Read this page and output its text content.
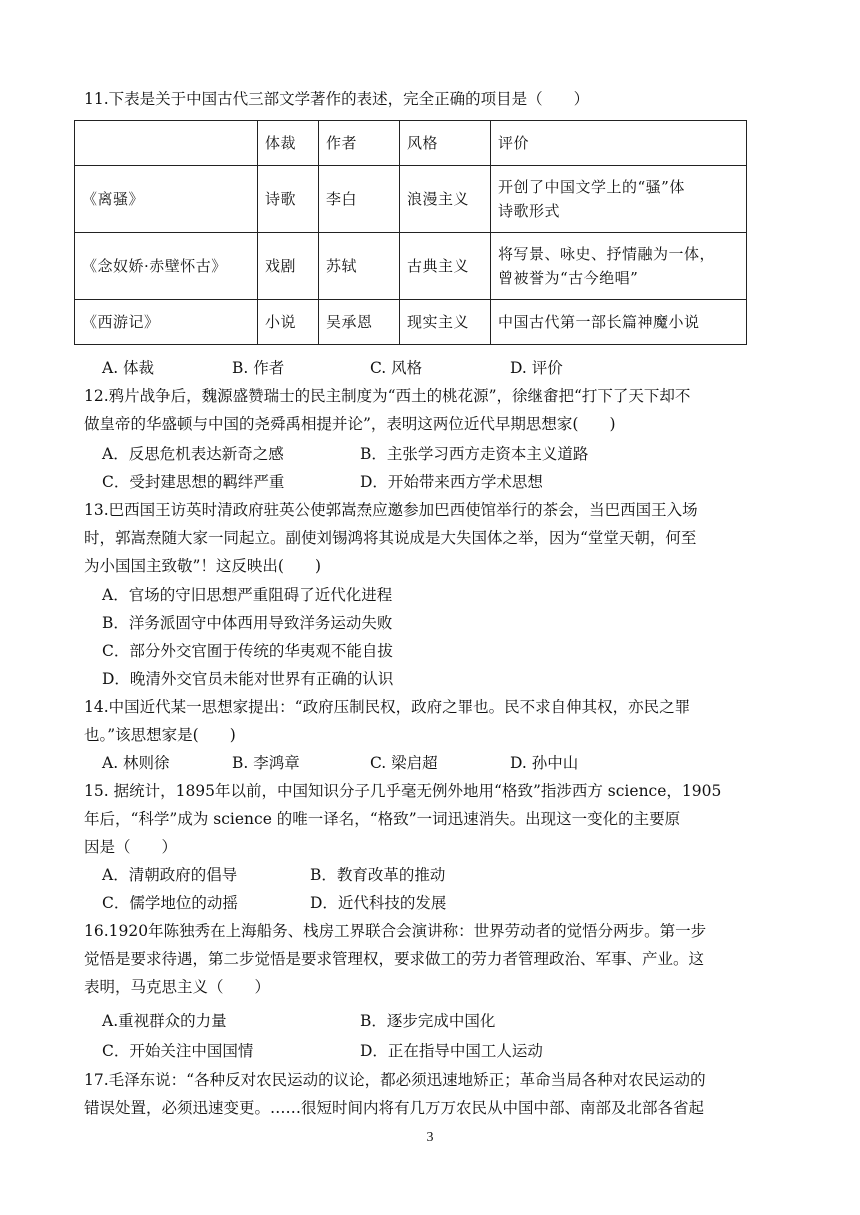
11.下表是关于中国古代三部文学著作的表述，完全正确的项目是（　　）
	体裁	作者	风格	评价
《离骚》	诗歌	李白	浪漫主义	开创了中国文学上的“骚”体
诗歌形式

《念奴娇·赤壁怀古》	戏剧	苏轼	古典主义	将写景、咏史、抒情融为一体，
曾被誉为“古今绝唱”

《西游记》	小说	吴承恩	现实主义	中国古代第一部长篇神魔小说
A. 体裁	B. 作者	C. 风格	D. 评价
12.鸦片战争后，魏源盛赞瑞士的民主制度为“西土的桃花源”，徐继畬把“打下了天下却不
做皇帝的华盛顿与中国的尧舜禹相提并论”，表明这两位近代早期思想家(　　)
A．反思危机表达新奇之感	B．主张学习西方走资本主义道路
C．受封建思想的羁绊严重	D．开始带来西方学术思想
13.巴西国王访英时清政府驻英公使郭嵩焘应邀参加巴西使馆举行的茶会，当巴西国王入场
时，郭嵩焘随大家一同起立。副使刘锡鸿将其说成是大失国体之举，因为“堂堂天朝，何至
为小国国主致敬”！这反映出(　　)
A．官场的守旧思想严重阻碍了近代化进程
B．洋务派固守中体西用导致洋务运动失败
C．部分外交官囿于传统的华夷观不能自拔
D．晚清外交官员未能对世界有正确的认识
14.中国近代某一思想家提出：“政府压制民权，政府之罪也。民不求自伸其权，亦民之罪
也。”该思想家是(　　)
A. 林则徐	B. 李鸿章	C. 梁启超	D. 孙中山
15. 据统计，1895年以前，中国知识分子几乎毫无例外地用“格致”指涉西方 science，1905
年后，“科学”成为 science 的唯一译名，“格致”一词迅速消失。出现这一变化的主要原
因是（　　）
A．清朝政府的倡导	B．教育改革的推动
C．儒学地位的动摇	D．近代科技的发展
16.1920年陈独秀在上海船务、栈房工界联合会演讲称：世界劳动者的觉悟分两步。第一步
觉悟是要求待遇，第二步觉悟是要求管理权，要求做工的劳力者管理政治、军事、产业。这
表明，马克思主义（　　）
A.重视群众的力量	B．逐步完成中国化
C．开始关注中国国情	D．正在指导中国工人运动
17.毛泽东说：“各种反对农民运动的议论，都必须迅速地矫正；革命当局各种对农民运动的
错误处置，必须迅速变更。……很短时间内将有几万万农民从中国中部、南部及北部各省起
3
